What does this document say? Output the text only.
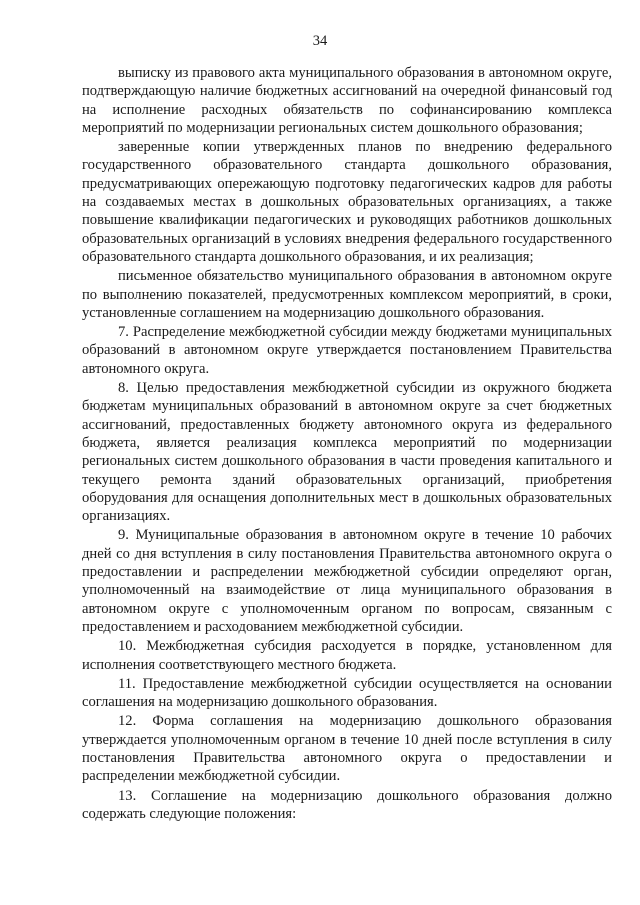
34

выписку из правового акта муниципального образования в автономном округе, подтверждающую наличие бюджетных ассигнований на очередной финансовый год на исполнение расходных обязательств по софинансированию комплекса мероприятий по модернизации региональных систем дошкольного образования;

заверенные копии утвержденных планов по внедрению федерального государственного образовательного стандарта дошкольного образования, предусматривающих опережающую подготовку педагогических кадров для работы на создаваемых местах в дошкольных образовательных организациях, а также повышение квалификации педагогических и руководящих работников дошкольных образовательных организаций в условиях внедрения федерального государственного образовательного стандарта дошкольного образования, и их реализация;

письменное обязательство муниципального образования в автономном округе по выполнению показателей, предусмотренных комплексом мероприятий, в сроки, установленные соглашением на модернизацию дошкольного образования.

7. Распределение межбюджетной субсидии между бюджетами муниципальных образований в автономном округе утверждается постановлением Правительства автономного округа.

8. Целью предоставления межбюджетной субсидии из окружного бюджета бюджетам муниципальных образований в автономном округе за счет бюджетных ассигнований, предоставленных бюджету автономного округа из федерального бюджета, является реализация комплекса мероприятий по модернизации региональных систем дошкольного образования в части проведения капитального и текущего ремонта зданий образовательных организаций, приобретения оборудования для оснащения дополнительных мест в дошкольных образовательных организациях.

9. Муниципальные образования в автономном округе в течение 10 рабочих дней со дня вступления в силу постановления Правительства автономного округа о предоставлении и распределении межбюджетной субсидии определяют орган, уполномоченный на взаимодействие от лица муниципального образования в автономном округе с уполномоченным органом по вопросам, связанным с предоставлением и расходованием межбюджетной субсидии.

10. Межбюджетная субсидия расходуется в порядке, установленном для исполнения соответствующего местного бюджета.

11. Предоставление межбюджетной субсидии осуществляется на основании соглашения на модернизацию дошкольного образования.

12. Форма соглашения на модернизацию дошкольного образования утверждается уполномоченным органом в течение 10 дней после вступления в силу постановления Правительства автономного округа о предоставлении и распределении межбюджетной субсидии.

13. Соглашение на модернизацию дошкольного образования должно содержать следующие положения:
